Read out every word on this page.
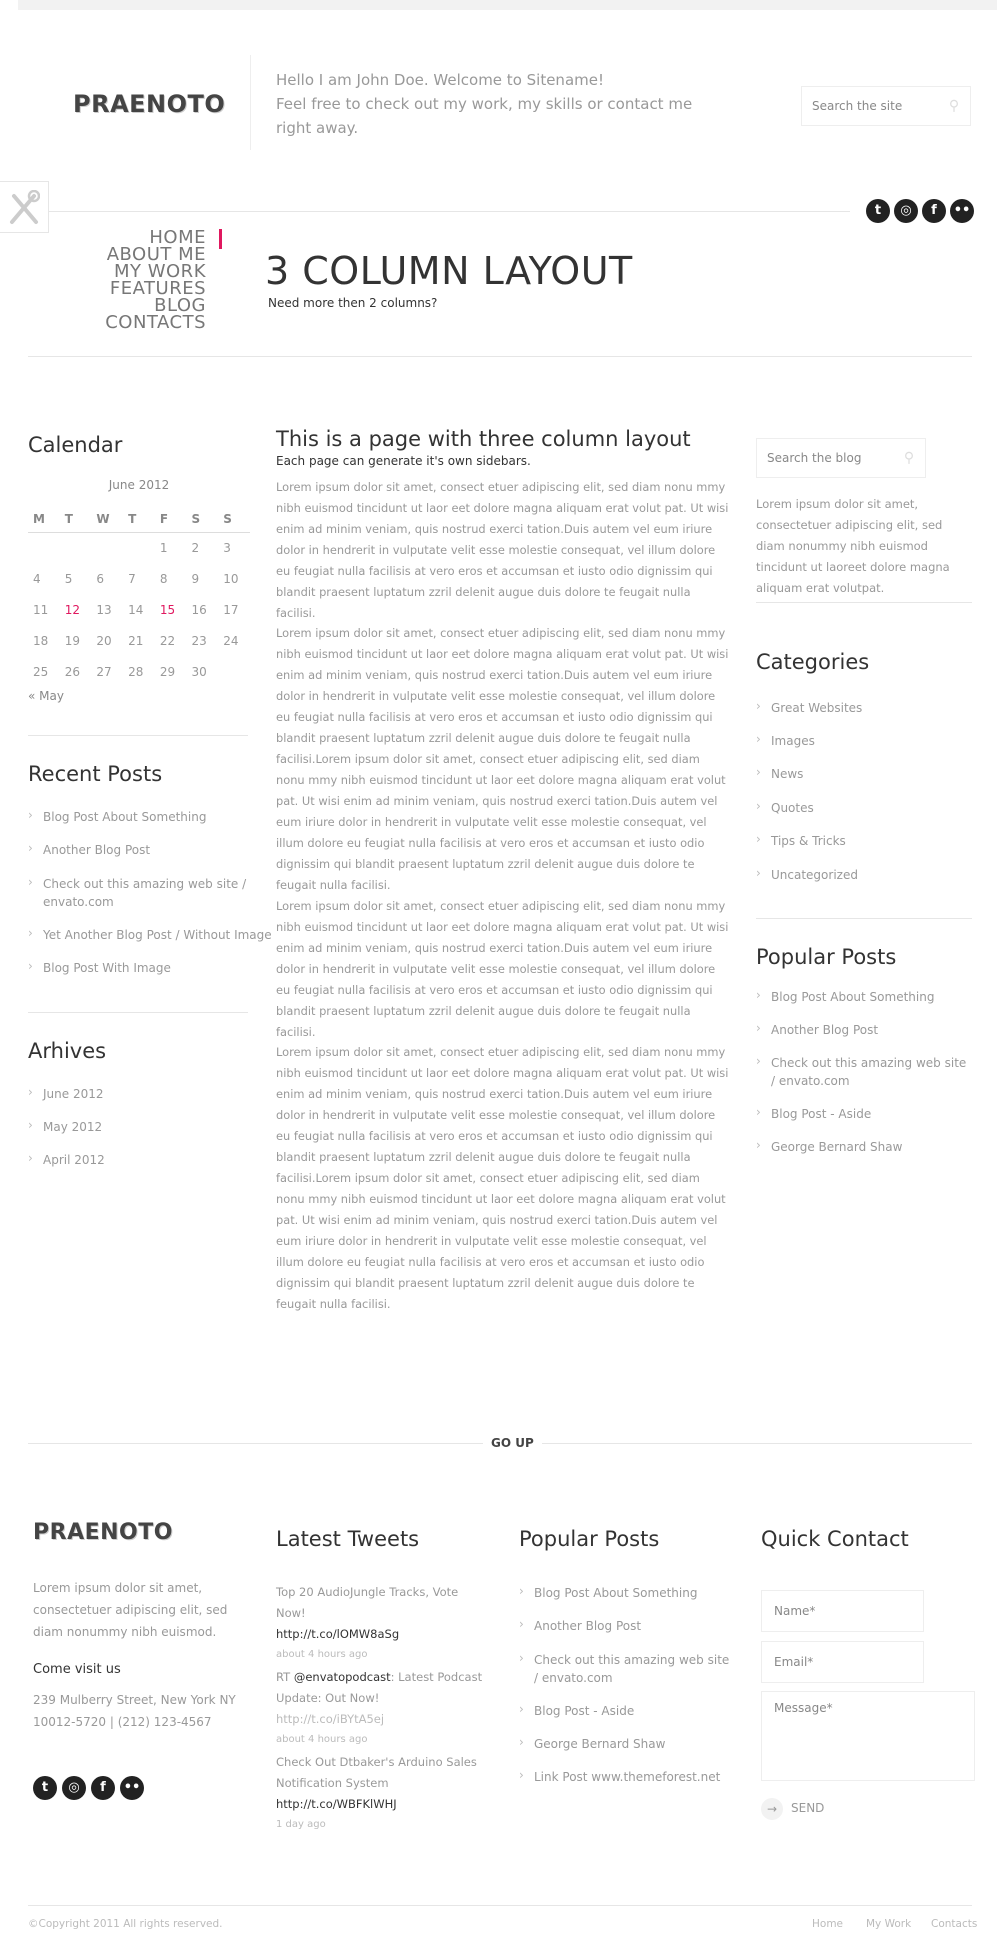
PRAENOTO
Hello I am John Doe. Welcome to Sitename!
Feel free to check out my work, my skills or contact me right away.
Search the site	⚲
t	◎	f	••
HOME
ABOUT ME
MY WORK
FEATURES
BLOG
CONTACTS
3 COLUMN LAYOUT
Need more then 2 columns?
Calendar
June 2012
M	T	W	T	F	S	S
				1	2	3
4	5	6	7	8	9	10
11	12	13	14	15	16	17
18	19	20	21	22	23	24
25	26	27	28	29	30	
« May
Recent Posts
› Blog Post About Something
› Another Blog Post
› Check out this amazing web site / envato.com
› Yet Another Blog Post / Without Image
› Blog Post With Image
Arhives
› June 2012
› May 2012
› April 2012
This is a page with three column layout
Each page can generate it's own sidebars.
Lorem ipsum dolor sit amet, consect etuer adipiscing elit, sed diam nonu mmy nibh euismod tincidunt ut laor eet dolore magna aliquam erat volut pat. Ut wisi enim ad minim veniam, quis nostrud exerci tation.Duis autem vel eum iriure dolor in hendrerit in vulputate velit esse molestie consequat, vel illum dolore eu feugiat nulla facilisis at vero eros et accumsan et iusto odio dignissim qui blandit praesent luptatum zzril delenit augue duis dolore te feugait nulla facilisi.
Lorem ipsum dolor sit amet, consect etuer adipiscing elit, sed diam nonu mmy nibh euismod tincidunt ut laor eet dolore magna aliquam erat volut pat. Ut wisi enim ad minim veniam, quis nostrud exerci tation.Duis autem vel eum iriure dolor in hendrerit in vulputate velit esse molestie consequat, vel illum dolore eu feugiat nulla facilisis at vero eros et accumsan et iusto odio dignissim qui blandit praesent luptatum zzril delenit augue duis dolore te feugait nulla facilisi.Lorem ipsum dolor sit amet, consect etuer adipiscing elit, sed diam nonu mmy nibh euismod tincidunt ut laor eet dolore magna aliquam erat volut pat. Ut wisi enim ad minim veniam, quis nostrud exerci tation.Duis autem vel eum iriure dolor in hendrerit in vulputate velit esse molestie consequat, vel illum dolore eu feugiat nulla facilisis at vero eros et accumsan et iusto odio dignissim qui blandit praesent luptatum zzril delenit augue duis dolore te feugait nulla facilisi.
Lorem ipsum dolor sit amet, consect etuer adipiscing elit, sed diam nonu mmy nibh euismod tincidunt ut laor eet dolore magna aliquam erat volut pat. Ut wisi enim ad minim veniam, quis nostrud exerci tation.Duis autem vel eum iriure dolor in hendrerit in vulputate velit esse molestie consequat, vel illum dolore eu feugiat nulla facilisis at vero eros et accumsan et iusto odio dignissim qui blandit praesent luptatum zzril delenit augue duis dolore te feugait nulla facilisi.
Lorem ipsum dolor sit amet, consect etuer adipiscing elit, sed diam nonu mmy nibh euismod tincidunt ut laor eet dolore magna aliquam erat volut pat. Ut wisi enim ad minim veniam, quis nostrud exerci tation.Duis autem vel eum iriure dolor in hendrerit in vulputate velit esse molestie consequat, vel illum dolore eu feugiat nulla facilisis at vero eros et accumsan et iusto odio dignissim qui blandit praesent luptatum zzril delenit augue duis dolore te feugait nulla facilisi.Lorem ipsum dolor sit amet, consect etuer adipiscing elit, sed diam nonu mmy nibh euismod tincidunt ut laor eet dolore magna aliquam erat volut pat. Ut wisi enim ad minim veniam, quis nostrud exerci tation.Duis autem vel eum iriure dolor in hendrerit in vulputate velit esse molestie consequat, vel illum dolore eu feugiat nulla facilisis at vero eros et accumsan et iusto odio dignissim qui blandit praesent luptatum zzril delenit augue duis dolore te feugait nulla facilisi.
Search the blog	⚲
Lorem ipsum dolor sit amet, consectetuer adipiscing elit, sed diam nonummy nibh euismod tincidunt ut laoreet dolore magna aliquam erat volutpat.
Categories
› Great Websites
› Images
› News
› Quotes
› Tips & Tricks
› Uncategorized
Popular Posts
› Blog Post About Something
› Another Blog Post
› Check out this amazing web site / envato.com
› Blog Post - Aside
› George Bernard Shaw
GO UP
PRAENOTO
Lorem ipsum dolor sit amet, consectetuer adipiscing elit, sed diam nonummy nibh euismod.
Come visit us
239 Mulberry Street, New York NY 10012-5720 | (212) 123-4567
t	◎	f	••
Latest Tweets
Top 20 AudioJungle Tracks, Vote Now!
http://t.co/lOMW8aSg
about 4 hours ago
RT @envatopodcast: Latest Podcast Update: Out Now! http://t.co/iBYtA5ej
about 4 hours ago
Check Out Dtbaker's Arduino Sales Notification System
http://t.co/WBFKlWHJ
1 day ago
Popular Posts
› Blog Post About Something
› Another Blog Post
› Check out this amazing web site / envato.com
› Blog Post - Aside
› George Bernard Shaw
› Link Post www.themeforest.net
Quick Contact
Name*
Email*
Message*
→	SEND
©Copyright 2011 All rights reserved.	Home My Work Contacts
